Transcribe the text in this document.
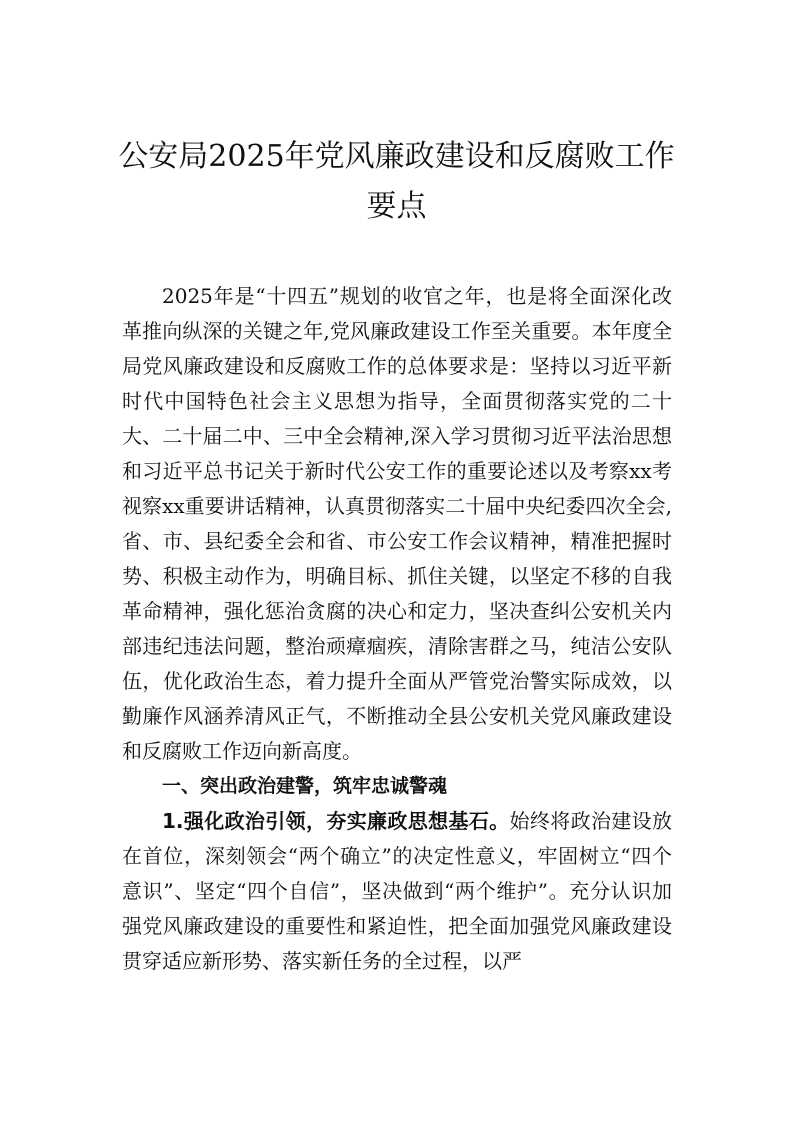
公安局2025年党风廉政建设和反腐败工作要点

2025年是“十四五”规划的收官之年，也是将全面深化改革推向纵深的关键之年,党风廉政建设工作至关重要。本年度全局党风廉政建设和反腐败工作的总体要求是：坚持以习近平新时代中国特色社会主义思想为指导，全面贯彻落实党的二十大、二十届二中、三中全会精神,深入学习贯彻习近平法治思想和习近平总书记关于新时代公安工作的重要论述以及考察xx考视察xx重要讲话精神，认真贯彻落实二十届中央纪委四次全会,省、市、县纪委全会和省、市公安工作会议精神，精准把握时势、积极主动作为，明确目标、抓住关键，以坚定不移的自我革命精神，强化惩治贪腐的决心和定力，坚决查纠公安机关内部违纪违法问题，整治顽瘴痼疾，清除害群之马，纯洁公安队伍，优化政治生态，着力提升全面从严管党治警实际成效，以勤廉作风涵养清风正气，不断推动全县公安机关党风廉政建设和反腐败工作迈向新高度。

一、突出政治建警，筑牢忠诚警魂

1.强化政治引领，夯实廉政思想基石。始终将政治建设放在首位，深刻领会“两个确立”的决定性意义，牢固树立“四个意识”、坚定“四个自信”，坚决做到“两个维护”。充分认识加强党风廉政建设的重要性和紧迫性，把全面加强党风廉政建设贯穿适应新形势、落实新任务的全过程，以严
